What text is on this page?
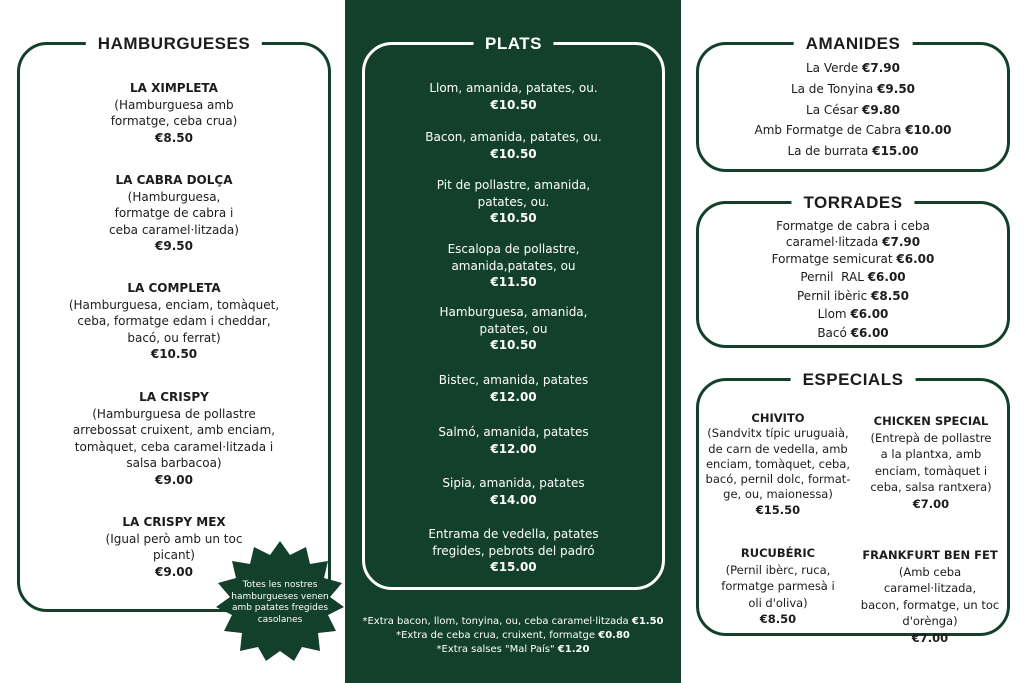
HAMBURGUESES
LA XIMPLETA
(Hamburguesa amb
formatge, ceba crua)
€8.50
LA CABRA DOLÇA
(Hamburguesa,
formatge de cabra i
ceba caramel·litzada)
€9.50
LA COMPLETA
(Hamburguesa, enciam, tomàquet,
ceba, formatge edam i cheddar,
bacó, ou ferrat)
€10.50
LA CRISPY
(Hamburguesa de pollastre
arrebossat cruixent, amb enciam,
tomàquet, ceba caramel·litzada i
salsa barbacoa)
€9.00
LA CRISPY MEX
(Igual però amb un toc
picant)
€9.00
Totes les nostres
hamburgueses venen
amb patates fregides
casolanes
PLATS
Llom, amanida, patates, ou.
€10.50
Bacon, amanida, patates, ou.
€10.50
Pit de pollastre, amanida,
patates, ou.
€10.50
Escalopa de pollastre,
amanida,patates, ou
€11.50
Hamburguesa, amanida,
patates, ou
€10.50
Bistec, amanida, patates
€12.00
Salmó, amanida, patates
€12.00
Sipia, amanida, patates
€14.00
Entrama de vedella, patates
fregides, pebrots del padró
€15.00
*Extra bacon, llom, tonyina, ou, ceba caramel·litzada €1.50
*Extra de ceba crua, cruixent, formatge €0.80
*Extra salses "Mal País" €1.20
AMANIDES
La Verde €7.90
La de Tonyina €9.50
La César €9.80
Amb Formatge de Cabra €10.00
La de burrata €15.00
TORRADES
Formatge de cabra i ceba
caramel·litzada €7.90
Formatge semicurat €6.00
Pernil  RAL €6.00
Pernil ibèric €8.50
Llom €6.00
Bacó €6.00
ESPECIALS
CHIVITO
(Sandvitx típic uruguaià,
de carn de vedella, amb
enciam, tomàquet, ceba,
bacó, pernil dolc, format-
ge, ou, maionessa)
€15.50
CHICKEN SPECIAL
(Entrepà de pollastre
a la plantxa, amb
enciam, tomàquet i
ceba, salsa rantxera)
€7.00
RUCUBÉRIC
(Pernil ibèrc, ruca,
formatge parmesà i
oli d'oliva)
€8.50
FRANKFURT BEN FET
(Amb ceba caramel·litzada,
bacon, formatge, un toc
d'orènga)
€7.00
